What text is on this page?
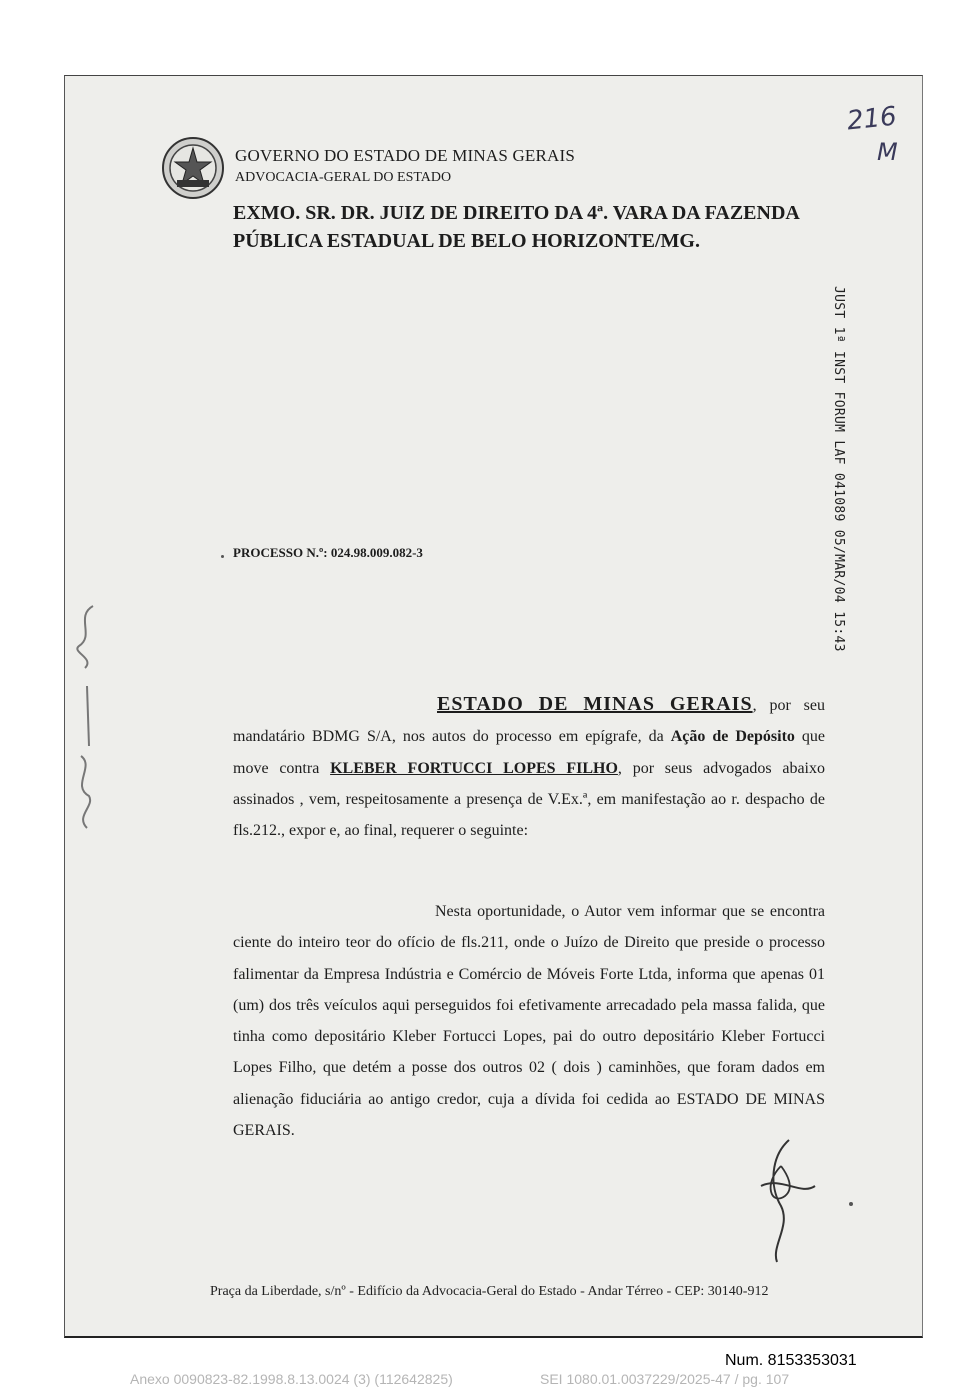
GOVERNO DO ESTADO DE MINAS GERAIS
ADVOCACIA-GERAL DO ESTADO
EXMO. SR. DR. JUIZ DE DIREITO DA 4ª. VARA DA FAZENDA
PÚBLICA ESTADUAL DE BELO HORIZONTE/MG.
PROCESSO N.º: 024.98.009.082-3	JUST 1ª INST FORUM LAF 041089 05/MAR/04 15:43
216
M
ESTADO DE MINAS GERAIS, por seu mandatário BDMG S/A, nos autos do processo em epígrafe, da Ação de Depósito que move contra KLEBER FORTUCCI LOPES FILHO, por seus advogados abaixo assinados , vem, respeitosamente a presença de V.Ex.ª, em manifestação ao r. despacho de fls.212., expor e, ao final, requerer o seguinte:
Nesta oportunidade, o Autor vem informar que se encontra ciente do inteiro teor do ofício de fls.211, onde o Juízo de Direito que preside o processo falimentar da Empresa Indústria e Comércio de Móveis Forte Ltda, informa que apenas 01 (um) dos três veículos aqui perseguidos foi efetivamente arrecadado pela massa falida, que tinha como depositário Kleber Fortucci Lopes, pai do outro depositário Kleber Fortucci Lopes Filho, que detém a posse dos outros 02 ( dois ) caminhões, que foram dados em alienação fiduciária ao antigo credor, cuja a dívida foi cedida ao ESTADO DE MINAS GERAIS.
Praça da Liberdade, s/nº - Edifício da Advocacia-Geral do Estado - Andar Térreo - CEP: 30140-912
Num. 8153353031
Anexo 0090823-82.1998.8.13.0024 (3) (112642825)	SEI 1080.01.0037229/2025-47 / pg. 107
